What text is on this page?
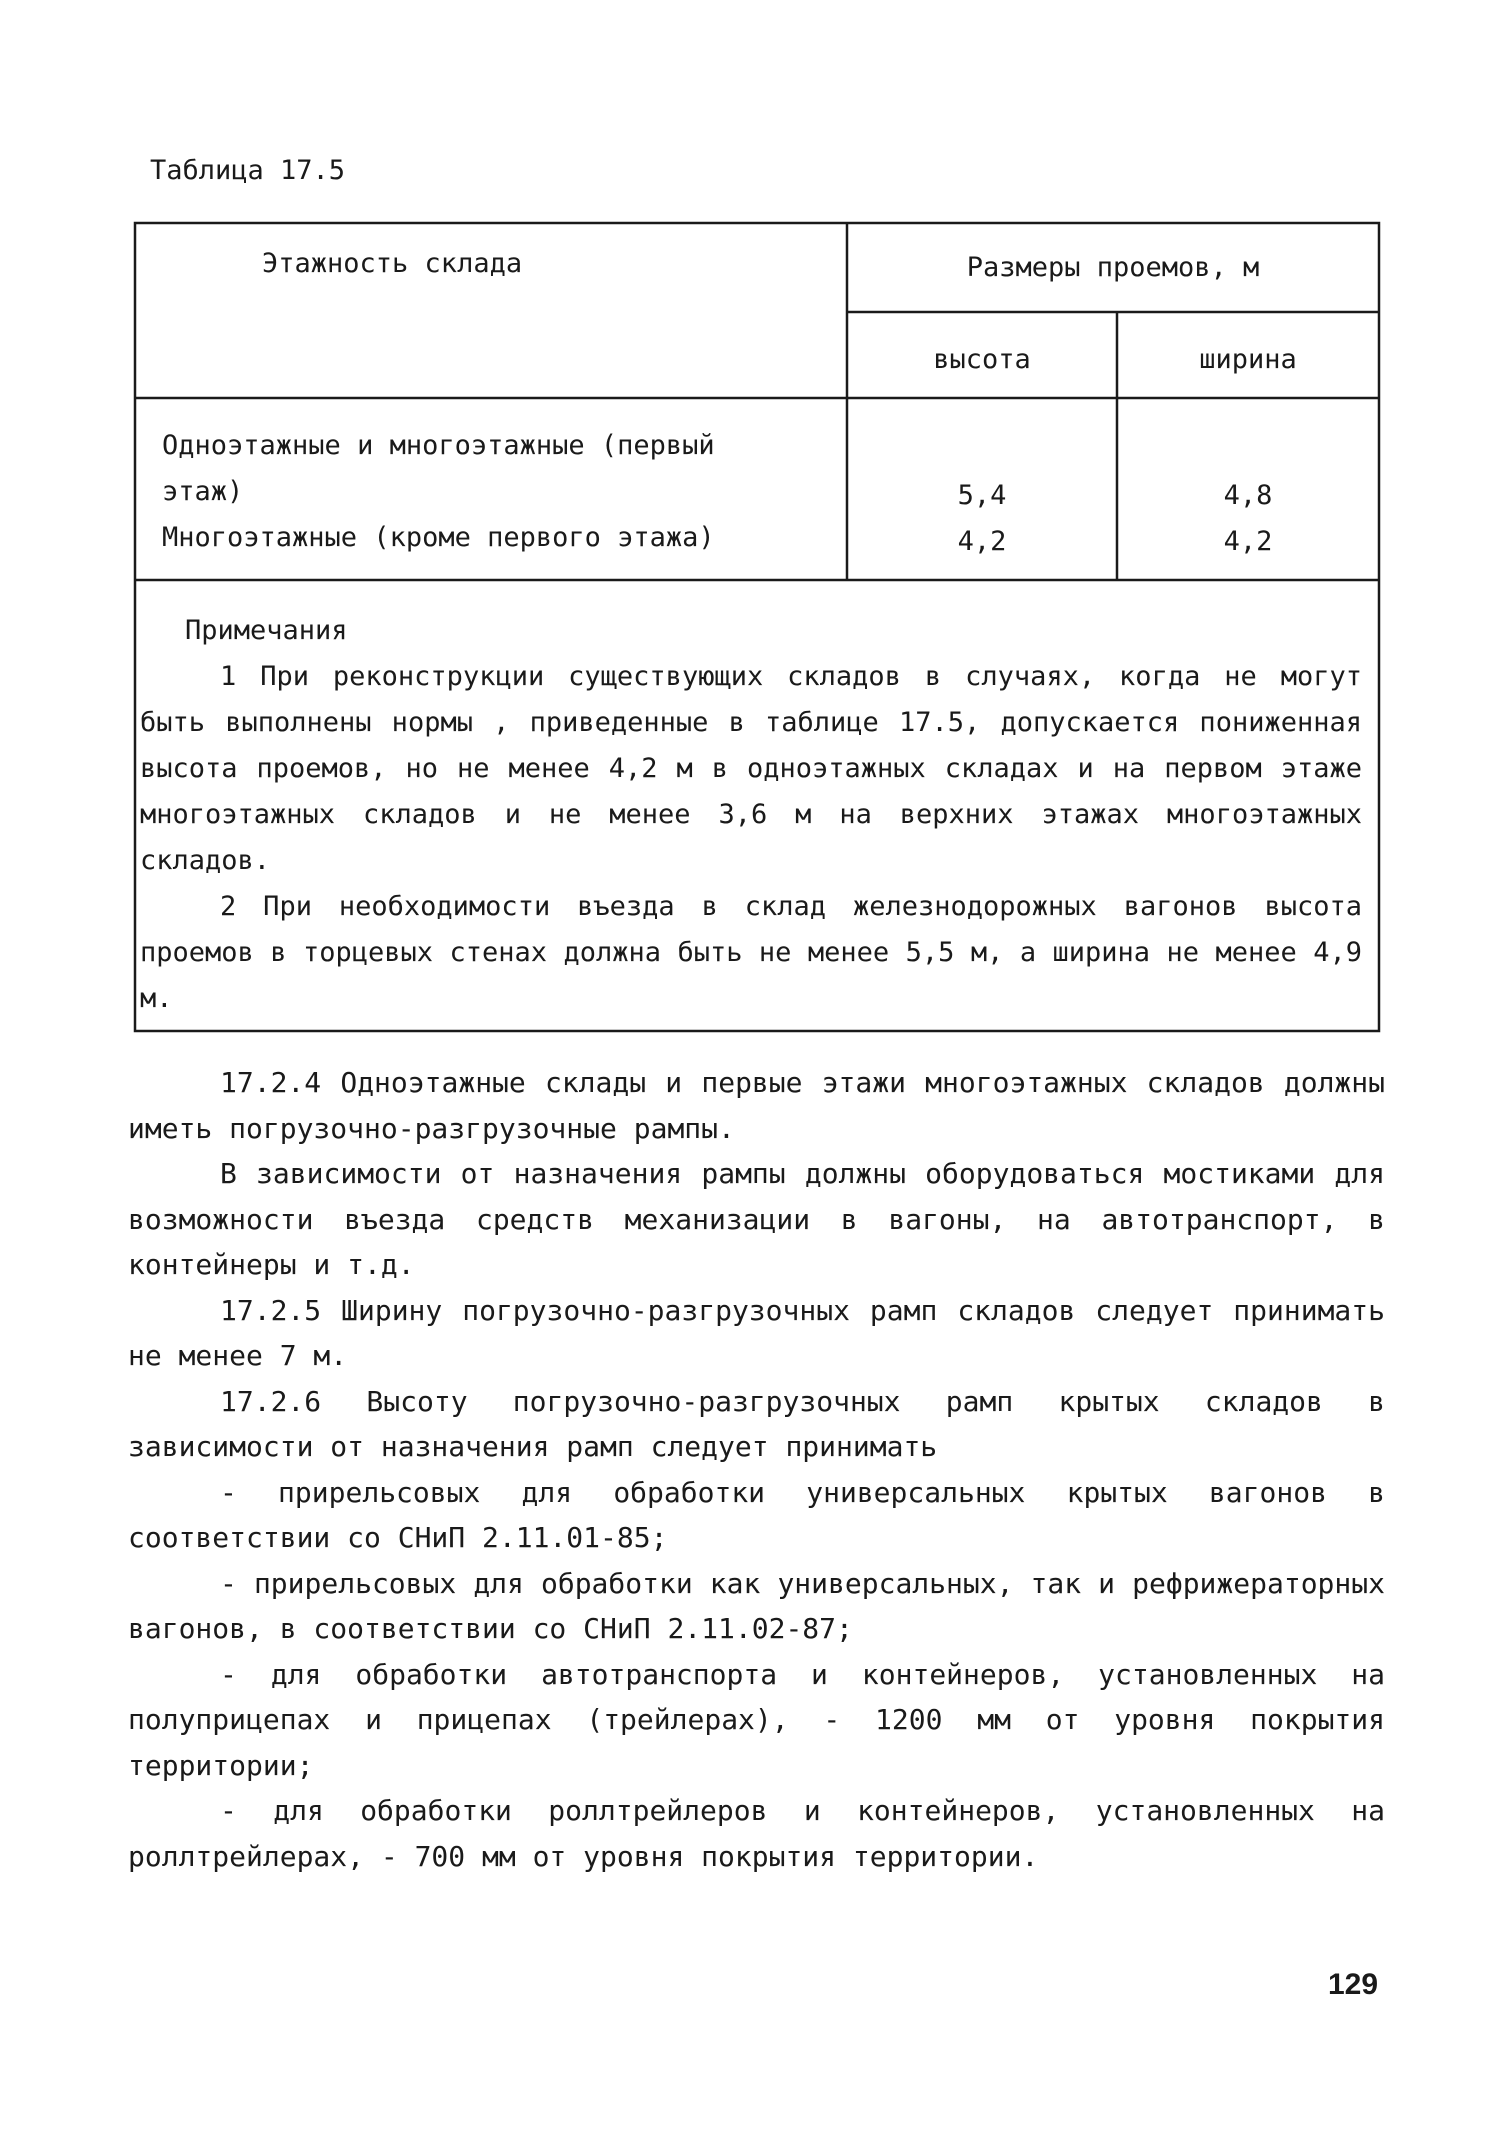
Таблица 17.5
Этажность склада	Размеры проемов, м
высота	ширина
Одноэтажные и многоэтажные (первый
этаж)	5,4	4,8
Многоэтажные (кроме первого этажа)	4,2	4,2

Примечания

1 При реконструкции существующих складов в случаях, когда не могут быть выполнены нормы , приведенные в таблице 17.5, допускается пониженная высота проемов, но не менее 4,2 м в одноэтажных складах и на первом этаже многоэтажных складов и не менее 3,6 м на верхних этажах многоэтажных складов.

2 При необходимости въезда в склад железнодорожных вагонов высота проемов в торцевых стенах должна быть не менее 5,5 м, а ширина не менее 4,9 м.

17.2.4 Одноэтажные склады и первые этажи многоэтажных складов должны иметь погрузочно-разгрузочные рампы.

В зависимости от назначения рампы должны оборудоваться мостиками для возможности въезда средств механизации в вагоны, на автотранспорт, в контейнеры и т.д.

17.2.5 Ширину погрузочно-разгрузочных рамп складов следует принимать не менее 7 м.

17.2.6 Высоту погрузочно-разгрузочных рамп крытых складов в зависимости от назначения рамп следует принимать

- прирельсовых для обработки универсальных крытых вагонов в соответствии со СНиП 2.11.01-85;

- прирельсовых для обработки как универсальных, так и рефрижераторных вагонов, в соответствии со СНиП 2.11.02-87;

- для обработки автотранспорта и контейнеров, установленных на полуприцепах и прицепах (трейлерах), - 1200 мм от уровня покрытия территории;

- для обработки роллтрейлеров и контейнеров, установленных на роллтрейлерах, - 700 мм от уровня покрытия территории.

129
